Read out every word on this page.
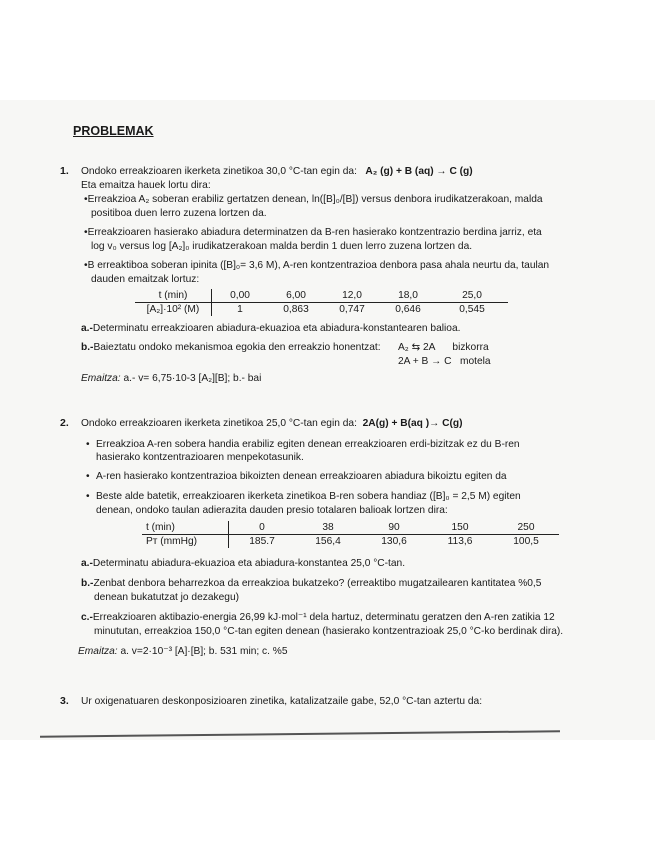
PROBLEMAK
1. Ondoko erreakzioaren ikerketa zinetikoa 30,0 °C-tan egin da: A₂ (g) + B (aq) → C (g)
Eta emaitza hauek lortu dira:
•Erreakzioa A₂ soberan erabiliz gertatzen denean, ln([B]₀/[B]) versus denbora irudikatzerakoan, malda
positiboa duen lerro zuzena lortzen da.
•Erreakzioaren hasierako abiadura determinatzen da B-ren hasierako kontzentrazio berdina jarriz, eta
log v₀ versus log [A₂]₀ irudikatzerakoan malda berdin 1 duen lerro zuzena lortzen da.
•B erreaktiboa soberan ipinita ([B]₀= 3,6 M), A-ren kontzentrazioa denbora pasa ahala neurtu da, taulan
dauden emaitzak lortuz:
t (min)	0,00	6,00	12,0	18,0	25,0
[A₂]·10² (M)	1	0,863	0,747	0,646	0,545
a.-Determinatu erreakzioaren abiadura-ekuazioa eta abiadura-konstantearen balioa.
b.-Baieztatu ondoko mekanismoa egokia den erreakzio honentzat: A₂ ⇆ 2A bizkorra
2A + B → C motela
Emaitza: a.- v= 6,75·10-3 [A₂][B]; b.- bai
2. Ondoko erreakzioaren ikerketa zinetikoa 25,0 °C-tan egin da: 2A(g) + B(aq )→ C(g)
• Erreakzioa A-ren sobera handia erabiliz egiten denean erreakzioaren erdi-bizitzak ez du B-ren
hasierako kontzentrazioaren menpekotasunik.
• A-ren hasierako kontzentrazioa bikoizten denean erreakzioaren abiadura bikoiztu egiten da
• Beste alde batetik, erreakzioaren ikerketa zinetikoa B-ren sobera handiaz ([B]₀ = 2,5 M) egiten
denean, ondoko taulan adierazita dauden presio totalaren balioak lortzen dira:
t (min)	0	38	90	150	250
Pᴛ (mmHg)	185.7	156,4	130,6	113,6	100,5
a.-Determinatu abiadura-ekuazioa eta abiadura-konstantea 25,0 °C-tan.
b.-Zenbat denbora beharrezkoa da erreakzioa bukatzeko? (erreaktibo mugatzailearen kantitatea %0,5
denean bukatutzat jo dezakegu)
c.-Erreakzioaren aktibazio-energia 26,99 kJ·mol⁻¹ dela hartuz, determinatu geratzen den A-ren zatikia 12
minututan, erreakzioa 150,0 °C-tan egiten denean (hasierako kontzentrazioak 25,0 °C-ko berdinak dira).
Emaitza: a. v=2·10⁻³ [A]·[B]; b. 531 min; c. %5
3. Ur oxigenatuaren deskonposizioaren zinetika, katalizatzaile gabe, 52,0 °C-tan aztertu da:
